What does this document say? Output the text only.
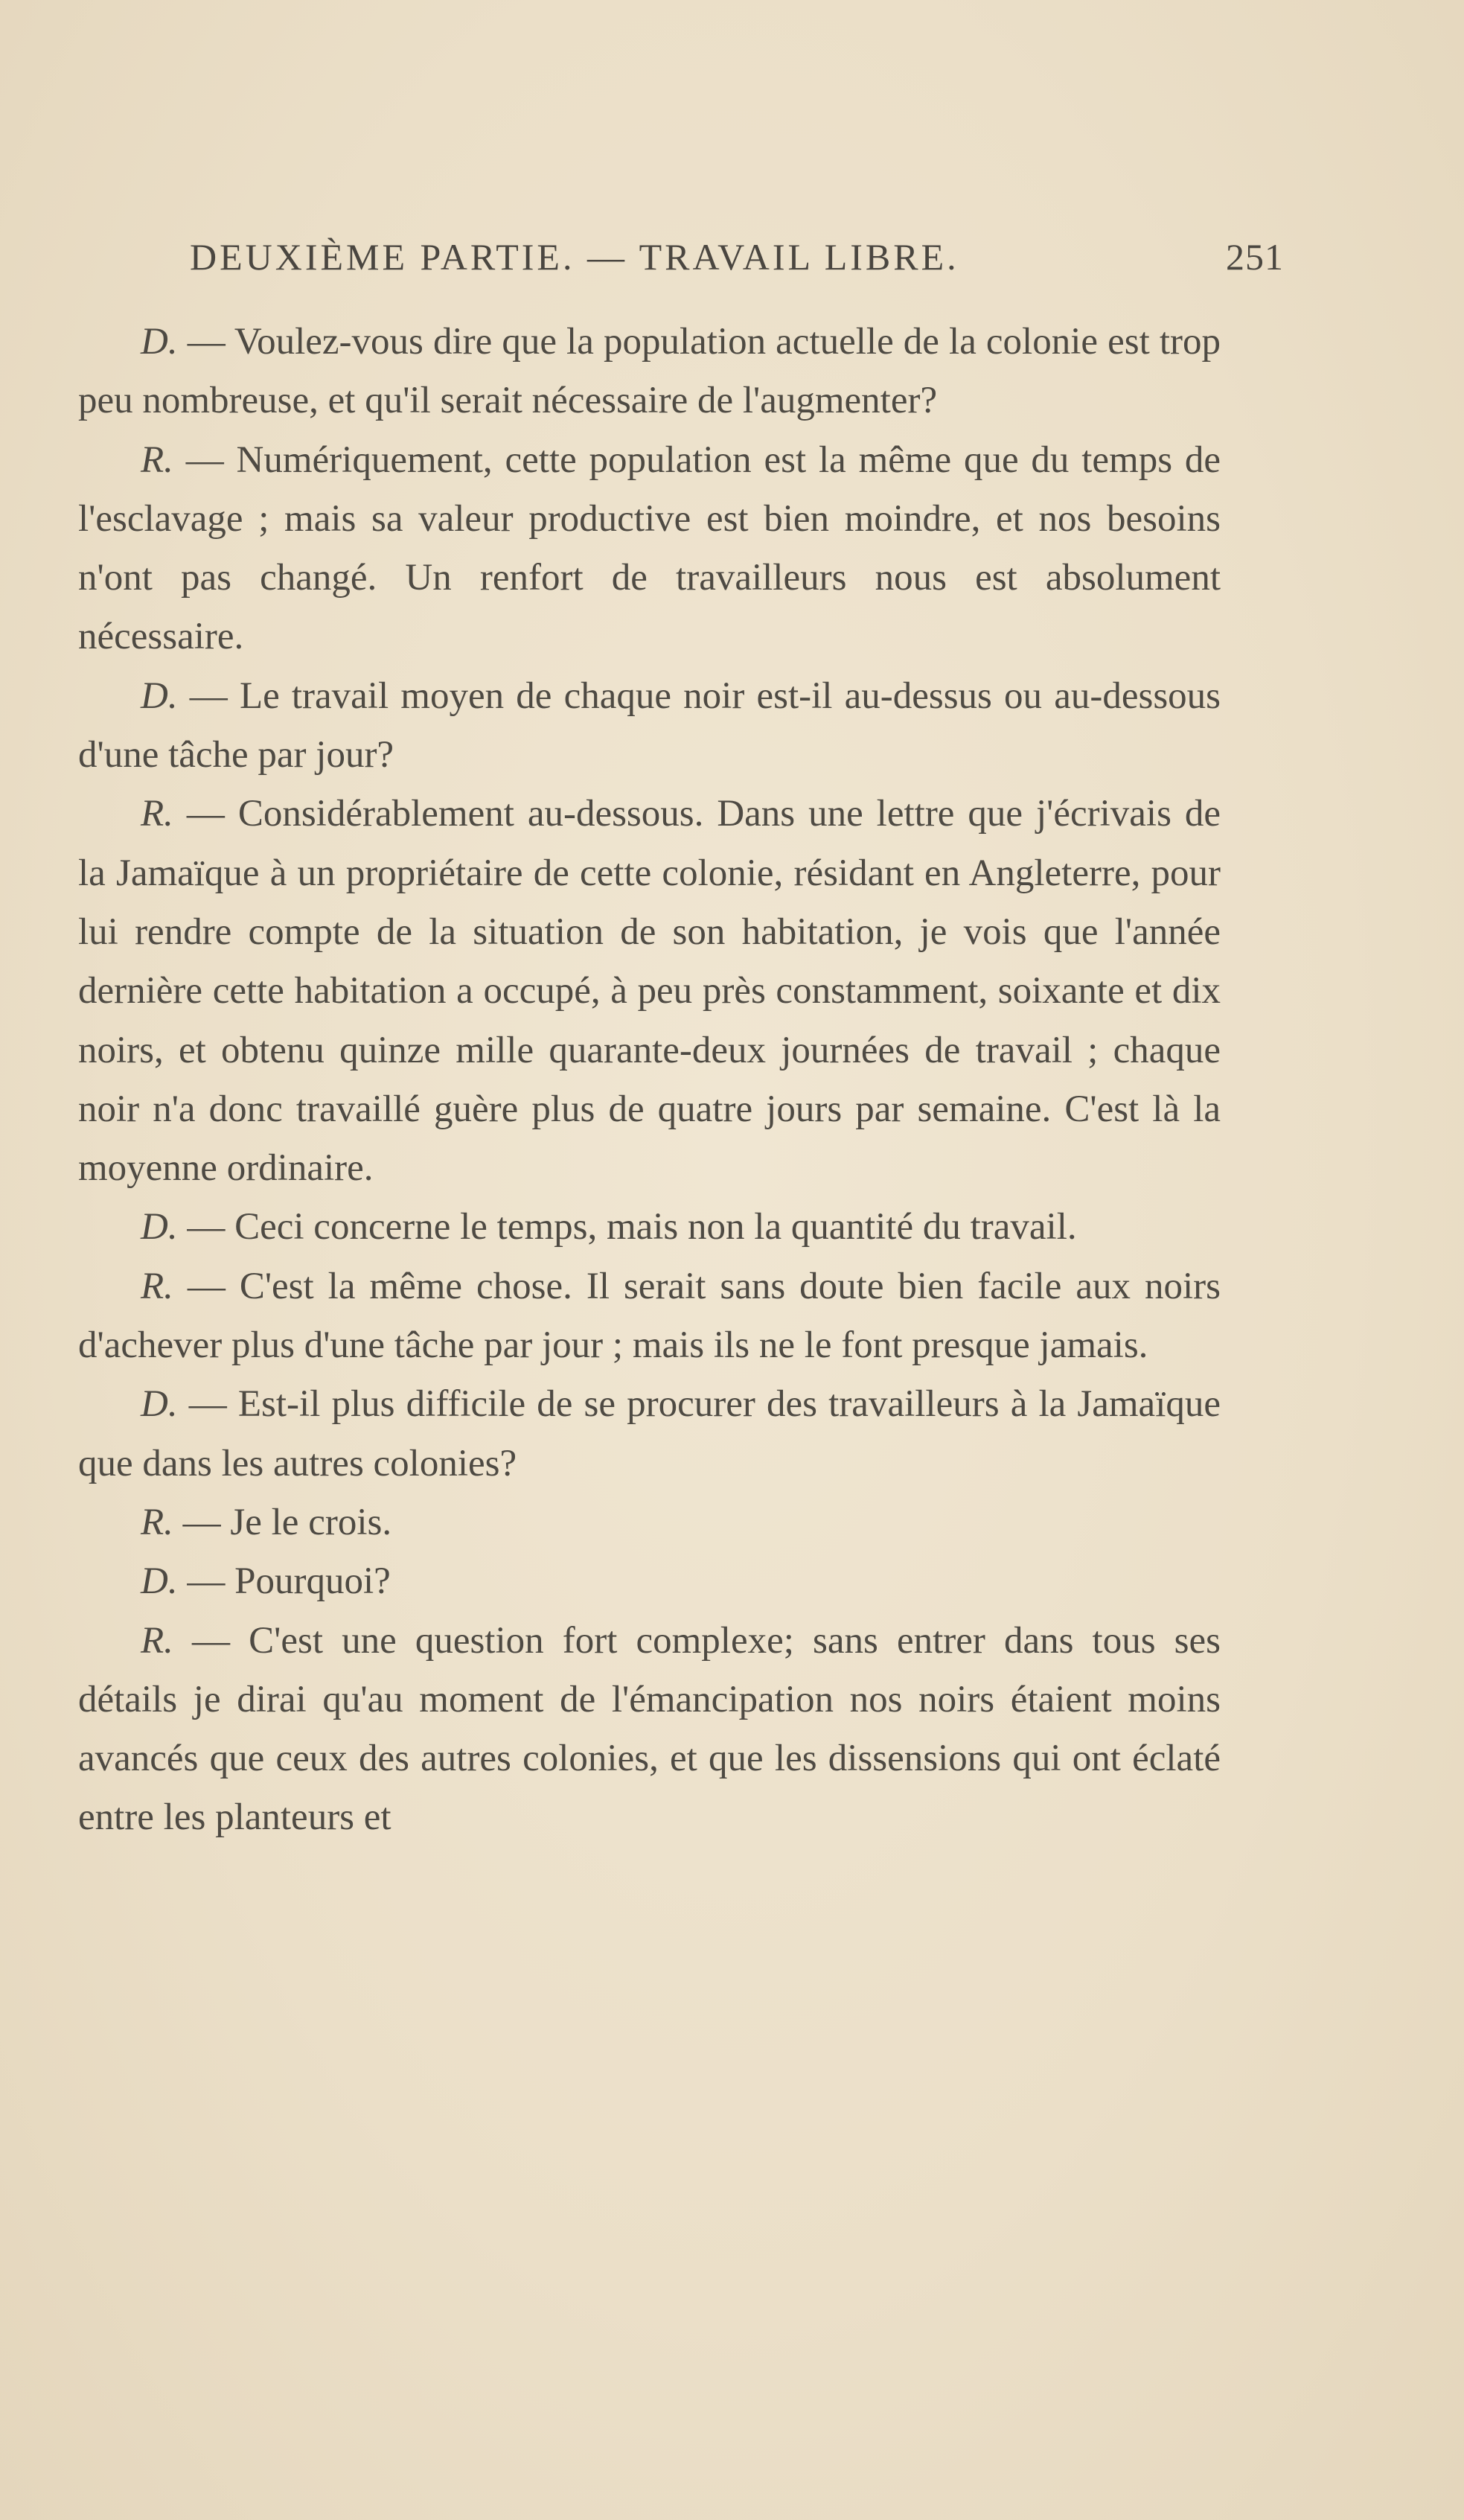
DEUXIÈME PARTIE. — TRAVAIL LIBRE.	251

D. — Voulez-vous dire que la population actuelle de la colonie est trop peu nombreuse, et qu'il serait nécessaire de l'augmenter?

R. — Numériquement, cette population est la même que du temps de l'esclavage ; mais sa valeur productive est bien moindre, et nos besoins n'ont pas changé. Un renfort de travailleurs nous est absolument nécessaire.

D. — Le travail moyen de chaque noir est-il au-dessus ou au-dessous d'une tâche par jour?

R. — Considérablement au-dessous. Dans une lettre que j'écrivais de la Jamaïque à un propriétaire de cette colonie, résidant en Angleterre, pour lui rendre compte de la situation de son habitation, je vois que l'année dernière cette habitation a occupé, à peu près constamment, soixante et dix noirs, et obtenu quinze mille quarante-deux journées de travail ; chaque noir n'a donc travaillé guère plus de quatre jours par semaine. C'est là la moyenne ordinaire.

D. — Ceci concerne le temps, mais non la quantité du travail.

R. — C'est la même chose. Il serait sans doute bien facile aux noirs d'achever plus d'une tâche par jour ; mais ils ne le font presque jamais.

D. — Est-il plus difficile de se procurer des travailleurs à la Jamaïque que dans les autres colonies?

R. — Je le crois.

D. — Pourquoi?

R. — C'est une question fort complexe; sans entrer dans tous ses détails je dirai qu'au moment de l'émancipation nos noirs étaient moins avancés que ceux des autres colonies, et que les dissensions qui ont éclaté entre les planteurs et
